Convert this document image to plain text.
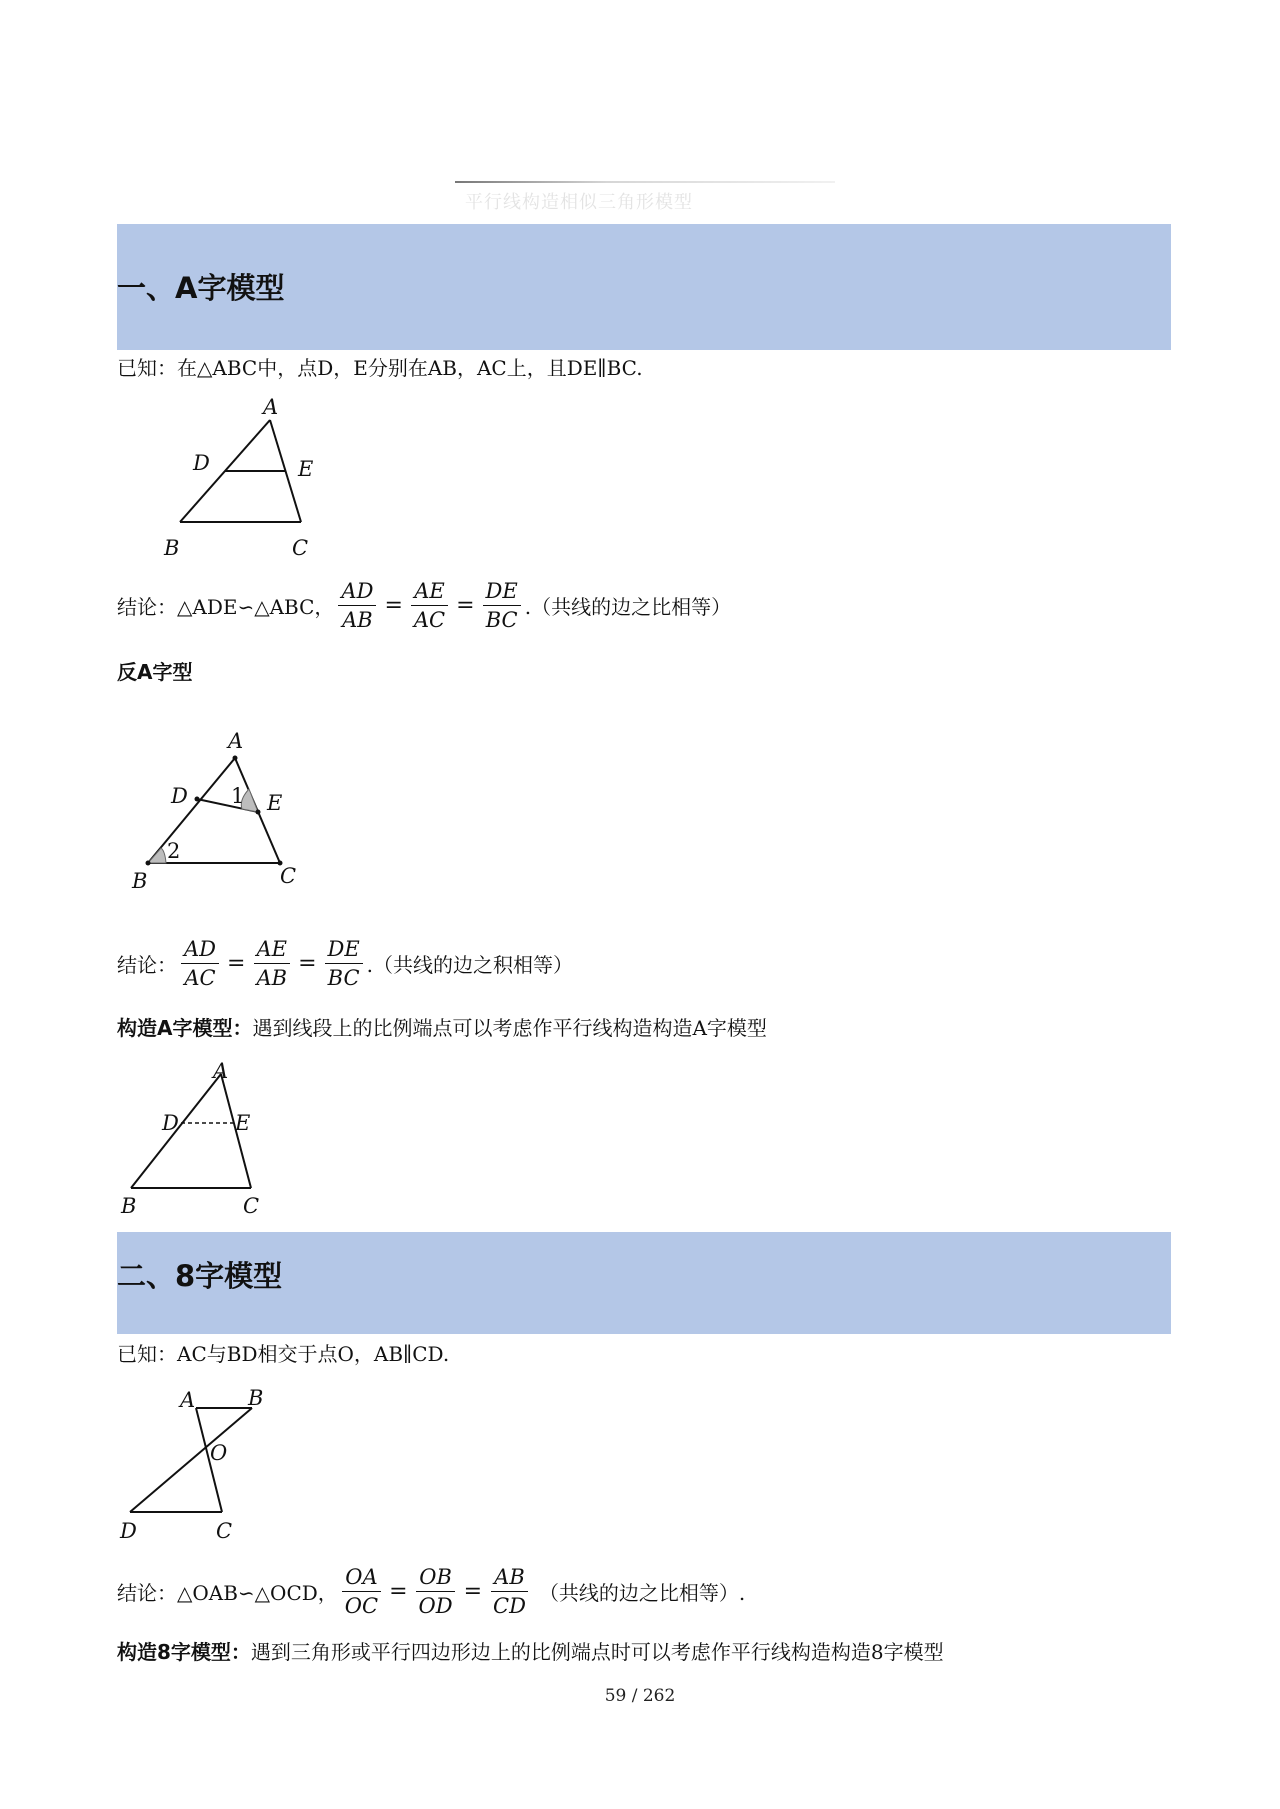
平行线构造相似三角形模型
一、A字模型
已知：在△ABC中，点D，E分别在AB，AC上，且DE∥BC.
A
D	E
B	C
结论：△ADE∽△ABC， $\frac{AD}{AB} = \frac{AE}{AC} = \frac{DE}{BC}$ .（共线的边之比相等）
反A字型
A
D	E
1
2
B	C
结论： $\frac{AD}{AC} = \frac{AE}{AB} = \frac{DE}{BC}$ .（共线的边之积相等）
构造A字模型： 遇到线段上的比例端点可以考虑作平行线构造构造A字模型
A
D	E
B	C
二、8字模型
已知：AC与BD相交于点O，AB∥CD.
A	B
O
D	C
结论：△OAB∽△OCD， $\frac{OA}{OC} = \frac{OB}{OD} = \frac{AB}{CD}$ （共线的边之比相等）.
构造8字模型： 遇到三角形或平行四边形边上的比例端点时可以考虑作平行线构造构造8字模型
59 / 262
